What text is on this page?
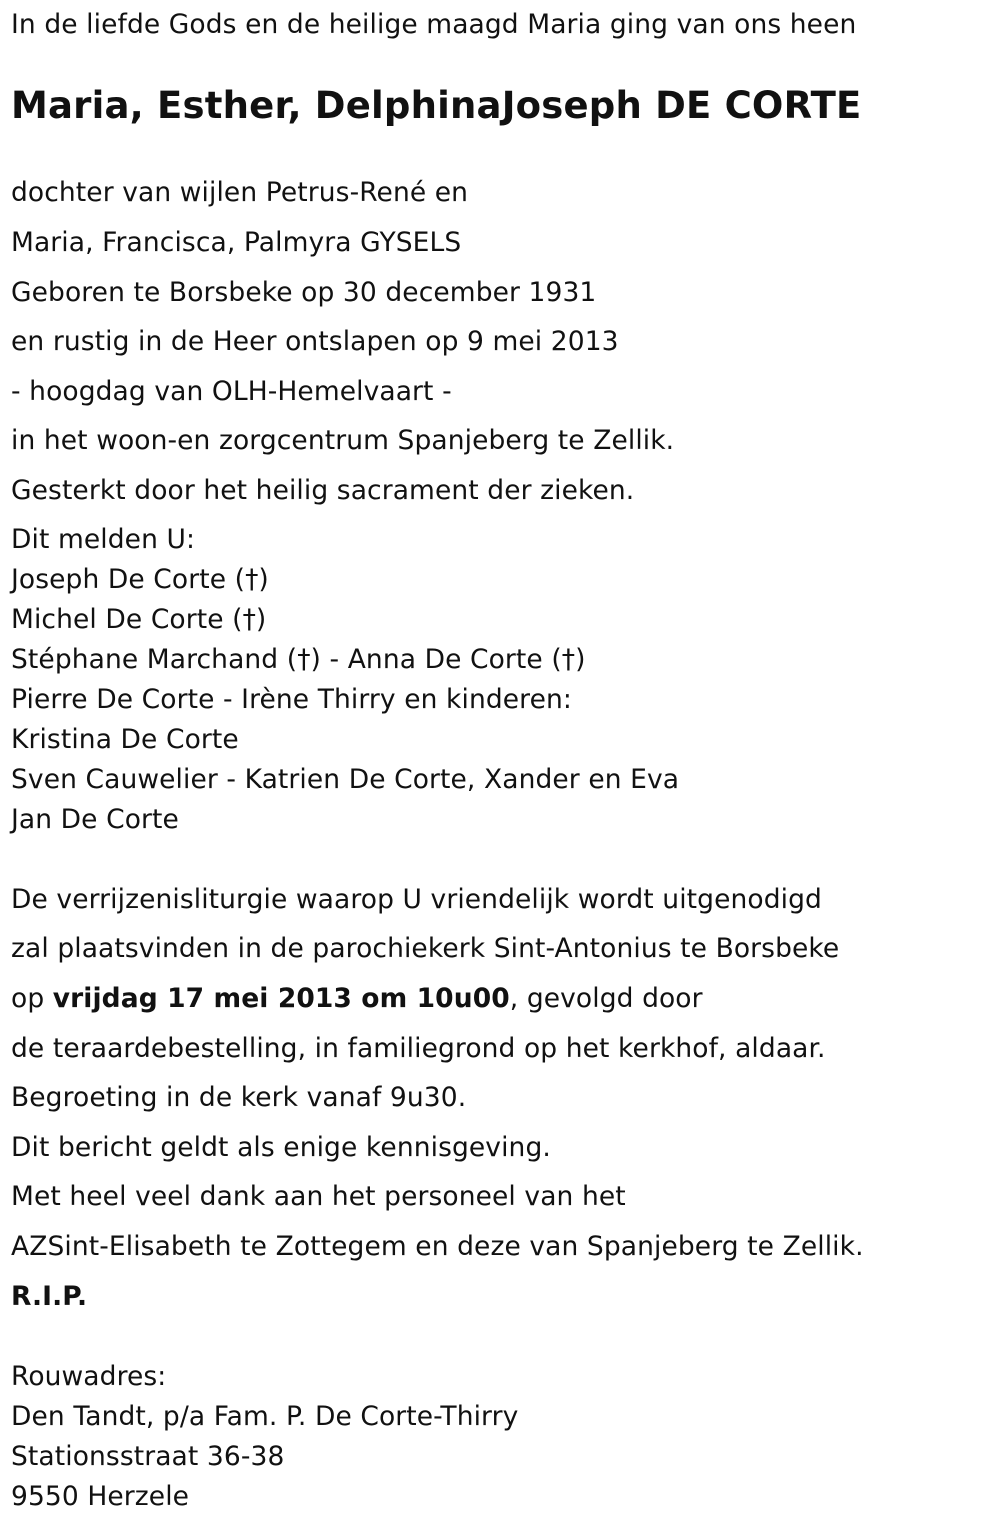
In de liefde Gods en de heilige maagd Maria ging van ons heen
Maria, Esther, DelphinaJoseph DE CORTE
dochter van wijlen Petrus-René en
Maria, Francisca, Palmyra GYSELS
Geboren te Borsbeke op 30 december 1931
en rustig in de Heer ontslapen op 9 mei 2013
- hoogdag van OLH-Hemelvaart -
in het woon-en zorgcentrum Spanjeberg te Zellik.
Gesterkt door het heilig sacrament der zieken.
Dit melden U:
Joseph De Corte (†)
Michel De Corte (†)
Stéphane Marchand (†) - Anna De Corte (†)
Pierre De Corte - Irène Thirry en kinderen:
Kristina De Corte
Sven Cauwelier - Katrien De Corte, Xander en Eva
Jan De Corte
De verrijzenisliturgie waarop U vriendelijk wordt uitgenodigd
zal plaatsvinden in de parochiekerk Sint-Antonius te Borsbeke
op vrijdag 17 mei 2013 om 10u00, gevolgd door
de teraardebestelling, in familiegrond op het kerkhof, aldaar.
Begroeting in de kerk vanaf 9u30.
Dit bericht geldt als enige kennisgeving.
Met heel veel dank aan het personeel van het
AZSint-Elisabeth te Zottegem en deze van Spanjeberg te Zellik.
R.I.P.
Rouwadres:
Den Tandt, p/a Fam. P. De Corte-Thirry
Stationsstraat 36-38
9550 Herzele
